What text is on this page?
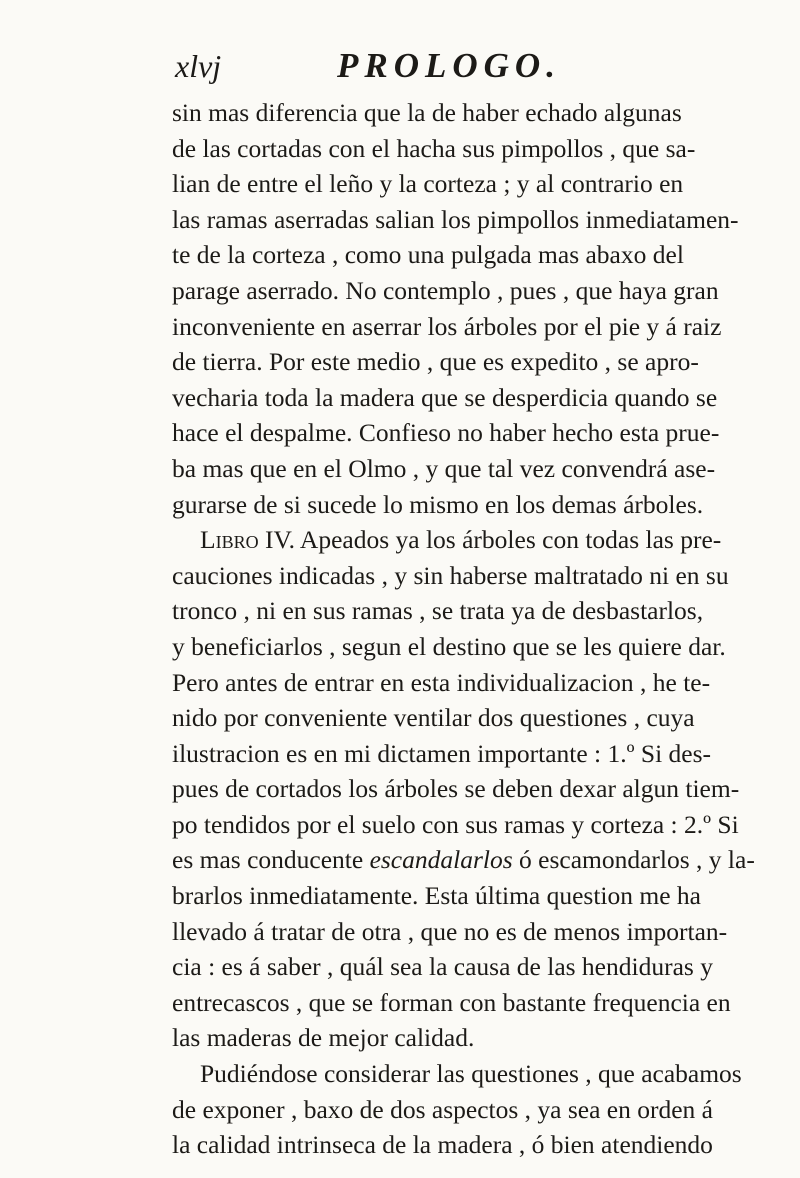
xlvj	PROLOGO.
sin mas diferencia que la de haber echado algunas
de las cortadas con el hacha sus pimpollos , que sa-
lian de entre el leño y la corteza ; y al contrario en
las ramas aserradas salian los pimpollos inmediatamen-
te de la corteza , como una pulgada mas abaxo del
parage aserrado. No contemplo , pues , que haya gran
inconveniente en aserrar los árboles por el pie y á raiz
de tierra. Por este medio , que es expedito , se apro-
vecharia toda la madera que se desperdicia quando se
hace el despalme. Confieso no haber hecho esta prue-
ba mas que en el Olmo , y que tal vez convendrá ase-
gurarse de si sucede lo mismo en los demas árboles.
Libro IV. Apeados ya los árboles con todas las pre-
cauciones indicadas , y sin haberse maltratado ni en su
tronco , ni en sus ramas , se trata ya de desbastarlos,
y beneficiarlos , segun el destino que se les quiere dar.
Pero antes de entrar en esta individualizacion , he te-
nido por conveniente ventilar dos questiones , cuya
ilustracion es en mi dictamen importante : 1.º Si des-
pues de cortados los árboles se deben dexar algun tiem-
po tendidos por el suelo con sus ramas y corteza : 2.º Si
es mas conducente escandalarlos ó escamondarlos , y la-
brarlos inmediatamente. Esta última question me ha
llevado á tratar de otra , que no es de menos importan-
cia : es á saber , quál sea la causa de las hendiduras y
entrecascos , que se forman con bastante frequencia en
las maderas de mejor calidad.
Pudiéndose considerar las questiones , que acabamos
de exponer , baxo de dos aspectos , ya sea en orden á
la calidad intrinseca de la madera , ó bien atendiendo
